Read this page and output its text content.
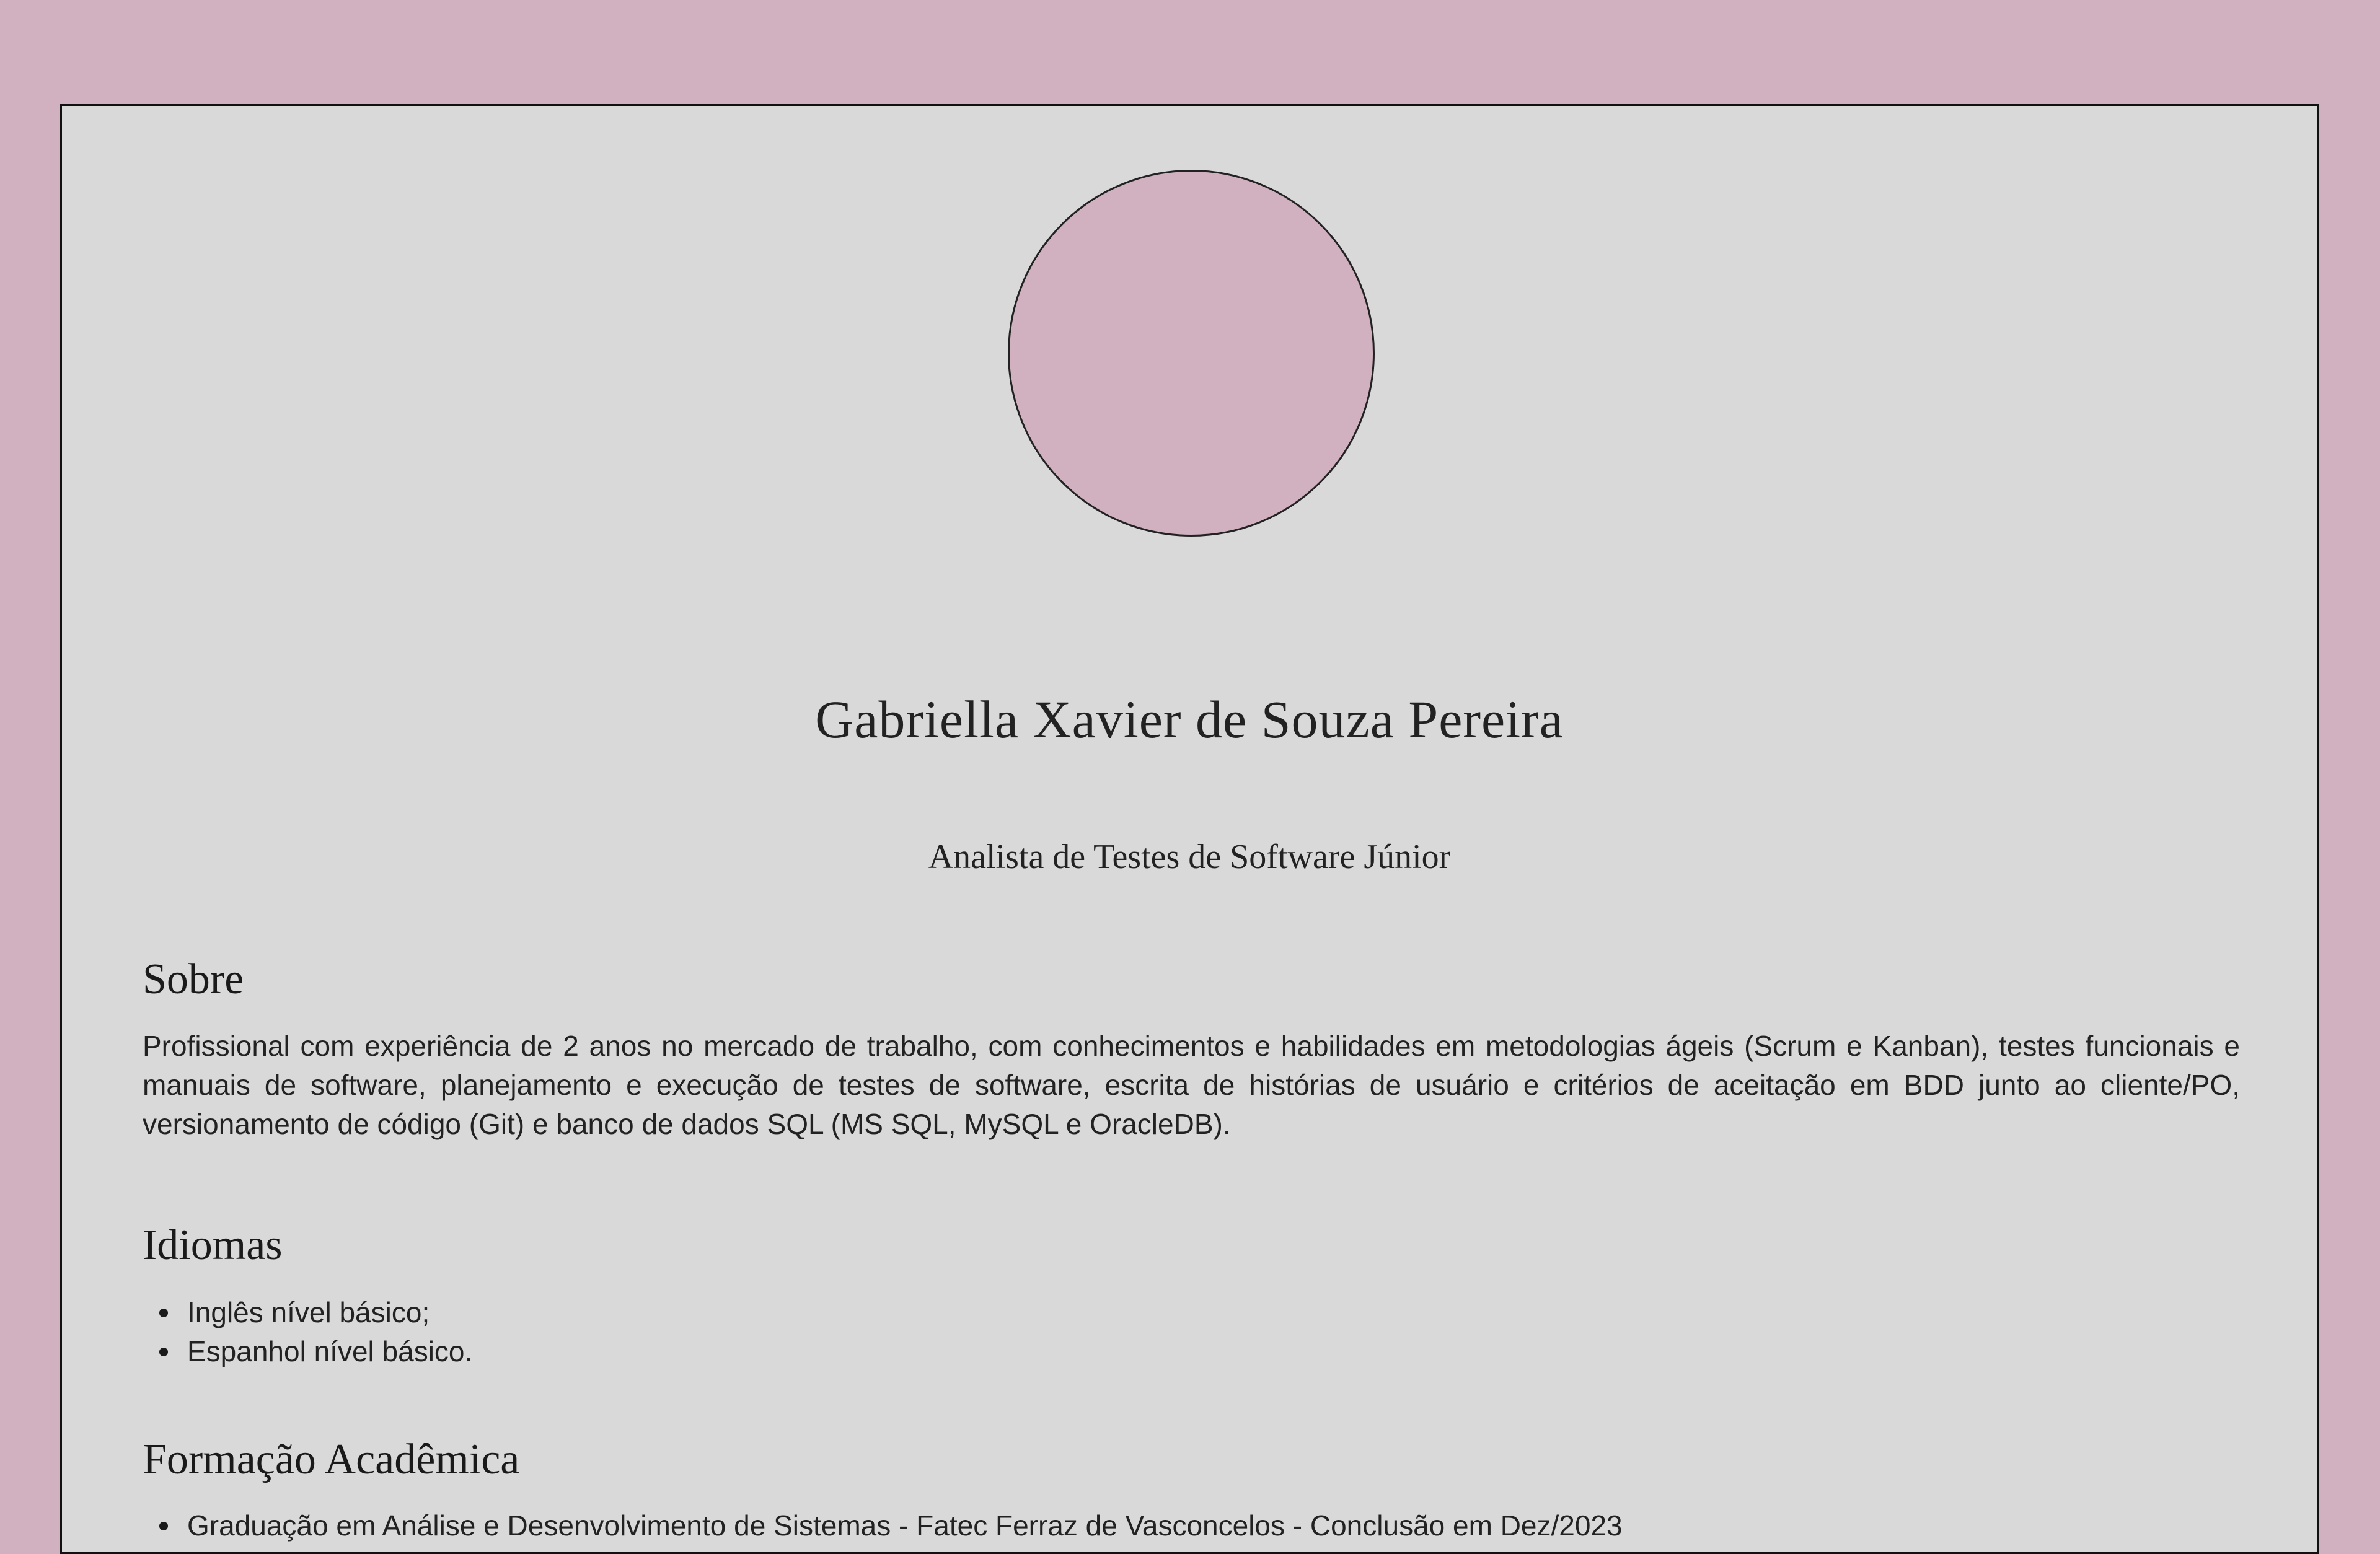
Gabriella Xavier de Souza Pereira
Analista de Testes de Software Júnior
Sobre

Profissional com experiência de 2 anos no mercado de trabalho, com conhecimentos e habilidades em metodologias ágeis (Scrum e Kanban), testes funcionais e manuais de software, planejamento e execução de testes de software, escrita de histórias de usuário e critérios de aceitação em BDD junto ao cliente/PO, versionamento de código (Git) e banco de dados SQL (MS SQL, MySQL e OracleDB).

Idiomas
Inglês nível básico;
Espanhol nível básico.
Formação Acadêmica
Graduação em Análise e Desenvolvimento de Sistemas - Fatec Ferraz de Vasconcelos - Conclusão em Dez/2023
